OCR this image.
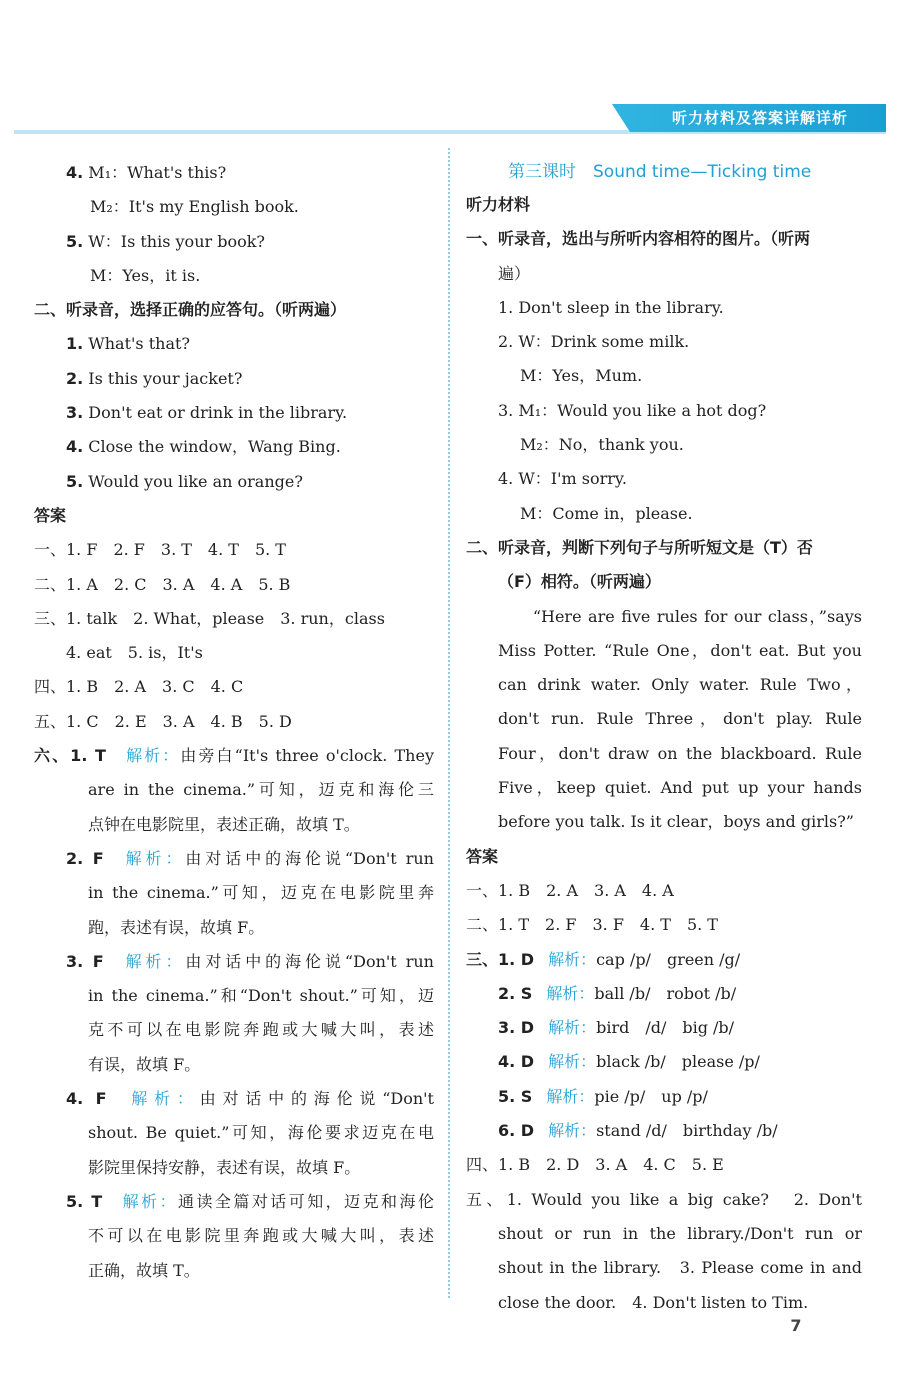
听力材料及答案详解详析
4. M₁：What's this?
M₂：It's my English book.
5. W：Is this your book?
M：Yes，it is.
二、听录音，选择正确的应答句。（听两遍）
1. What's that?
2. Is this your jacket?
3. Don't eat or drink in the library.
4. Close the window，Wang Bing.
5. Would you like an orange?
答案
一、1. F　2. F　3. T　4. T　5. T
二、1. A　2. C　3. A　4. A　5. B
三、1. talk　2. What，please　3. run，class
4. eat　5. is，It's
四、1. B　2. A　3. C　4. C
五、1. C　2. E　3. A　4. B　5. D
六、1. T 解析：由旁白“It's three o'clock. They
are in the cinema.”可知，迈克和海伦三
点钟在电影院里，表述正确，故填 T。
2. F 解析：由对话中的海伦说“Don't run
in the cinema.”可知，迈克在电影院里奔
跑，表述有误，故填 F。
3. F 解析：由对话中的海伦说“Don't run
in the cinema.”和“Don't shout.”可知，迈
克不可以在电影院奔跑或大喊大叫，表述
有误，故填 F。
4. F 解析：由对话中的海伦说“Don't
shout. Be quiet.”可知，海伦要求迈克在电
影院里保持安静，表述有误，故填 F。
5. T 解析：通读全篇对话可知，迈克和海伦
不可以在电影院里奔跑或大喊大叫，表述
正确，故填 T。
第三课时　Sound time—Ticking time
听力材料
一、听录音，选出与所听内容相符的图片。（听两
遍）
1. Don't sleep in the library.
2. W：Drink some milk.
M：Yes，Mum.
3. M₁：Would you like a hot dog?
M₂：No，thank you.
4. W：I'm sorry.
M：Come in，please.
二、听录音，判断下列句子与所听短文是（T）否
（F）相符。（听两遍）
　　“Here are five rules for our class，”says
Miss Potter. “Rule One，don't eat. But you
can drink water. Only water. Rule Two，
don't run. Rule Three，don't play. Rule
Four，don't draw on the blackboard. Rule
Five，keep quiet. And put up your hands
before you talk. Is it clear，boys and girls?”
答案
一、1. B　2. A　3. A　4. A
二、1. T　2. F　3. F　4. T　5. T
三、1. D 解析：cap /p/　green /g/
2. S 解析：ball /b/　robot /b/
3. D 解析：bird　/d/　big /b/
4. D 解析：black /b/　please /p/
5. S 解析：pie /p/　up /p/
6. D 解析：stand /d/　birthday /b/
四、1. B　2. D　3. A　4. C　5. E
五、1. Would you like a big cake?　2. Don't
shout or run in the library./Don't run or
shout in the library.　3. Please come in and
close the door.　4. Don't listen to Tim.
7
